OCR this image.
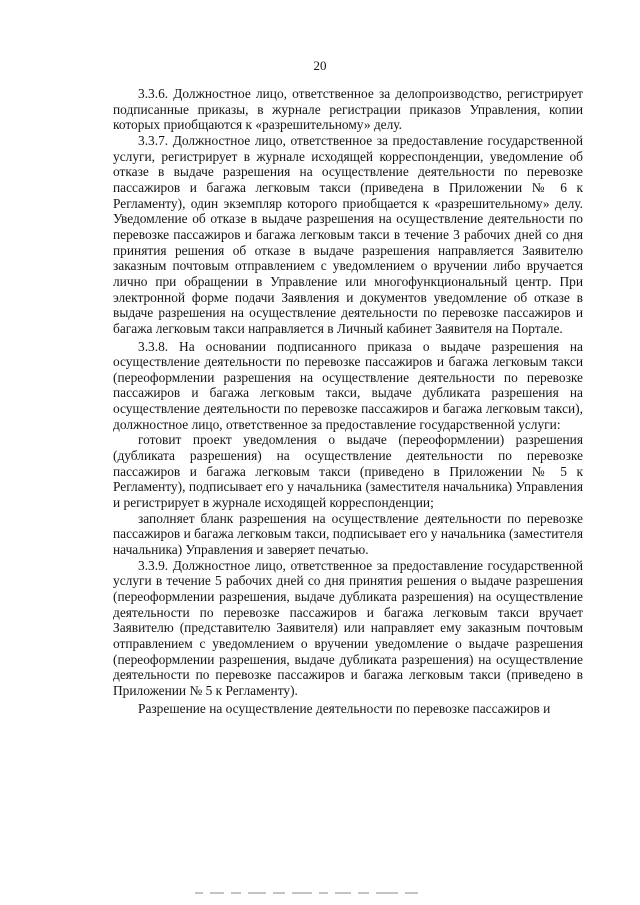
20

3.3.6. Должностное лицо, ответственное за делопроизводство, регистрирует подписанные приказы, в журнале регистрации приказов Управления, копии которых приобщаются к «разрешительному» делу.

3.3.7. Должностное лицо, ответственное за предоставление государственной услуги, регистрирует в журнале исходящей корреспонденции, уведомление об отказе в выдаче разрешения на осуществление деятельности по перевозке пассажиров и багажа легковым такси (приведена в Приложении № 6 к Регламенту), один экземпляр которого приобщается к «разрешительному» делу. Уведомление об отказе в выдаче разрешения на осуществление деятельности по перевозке пассажиров и багажа легковым такси в течение 3 рабочих дней со дня принятия решения об отказе в выдаче разрешения направляется Заявителю заказным почтовым отправлением с уведомлением о вручении либо вручается лично при обращении в Управление или многофункциональный центр. При электронной форме подачи Заявления и документов уведомление об отказе в выдаче разрешения на осуществление деятельности по перевозке пассажиров и багажа легковым такси направляется в Личный кабинет Заявителя на Портале.

3.3.8. На основании подписанного приказа о выдаче разрешения на осуществление деятельности по перевозке пассажиров и багажа легковым такси (переоформлении разрешения на осуществление деятельности по перевозке пассажиров и багажа легковым такси, выдаче дубликата разрешения на осуществление деятельности по перевозке пассажиров и багажа легковым такси), должностное лицо, ответственное за предоставление государственной услуги:

готовит проект уведомления о выдаче (переоформлении) разрешения (дубликата разрешения) на осуществление деятельности по перевозке пассажиров и багажа легковым такси (приведено в Приложении № 5 к Регламенту), подписывает его у начальника (заместителя начальника) Управления и регистрирует в журнале исходящей корреспонденции;

заполняет бланк разрешения на осуществление деятельности по перевозке пассажиров и багажа легковым такси, подписывает его у начальника (заместителя начальника) Управления и заверяет печатью.

3.3.9. Должностное лицо, ответственное за предоставление государственной услуги в течение 5 рабочих дней со дня принятия решения о выдаче разрешения (переоформлении разрешения, выдаче дубликата разрешения) на осуществление деятельности по перевозке пассажиров и багажа легковым такси вручает Заявителю (представителю Заявителя) или направляет ему заказным почтовым отправлением с уведомлением о вручении уведомление о выдаче разрешения (переоформлении разрешения, выдаче дубликата разрешения) на осуществление деятельности по перевозке пассажиров и багажа легковым такси (приведено в Приложении № 5 к Регламенту).

Разрешение на осуществление деятельности по перевозке пассажиров и
